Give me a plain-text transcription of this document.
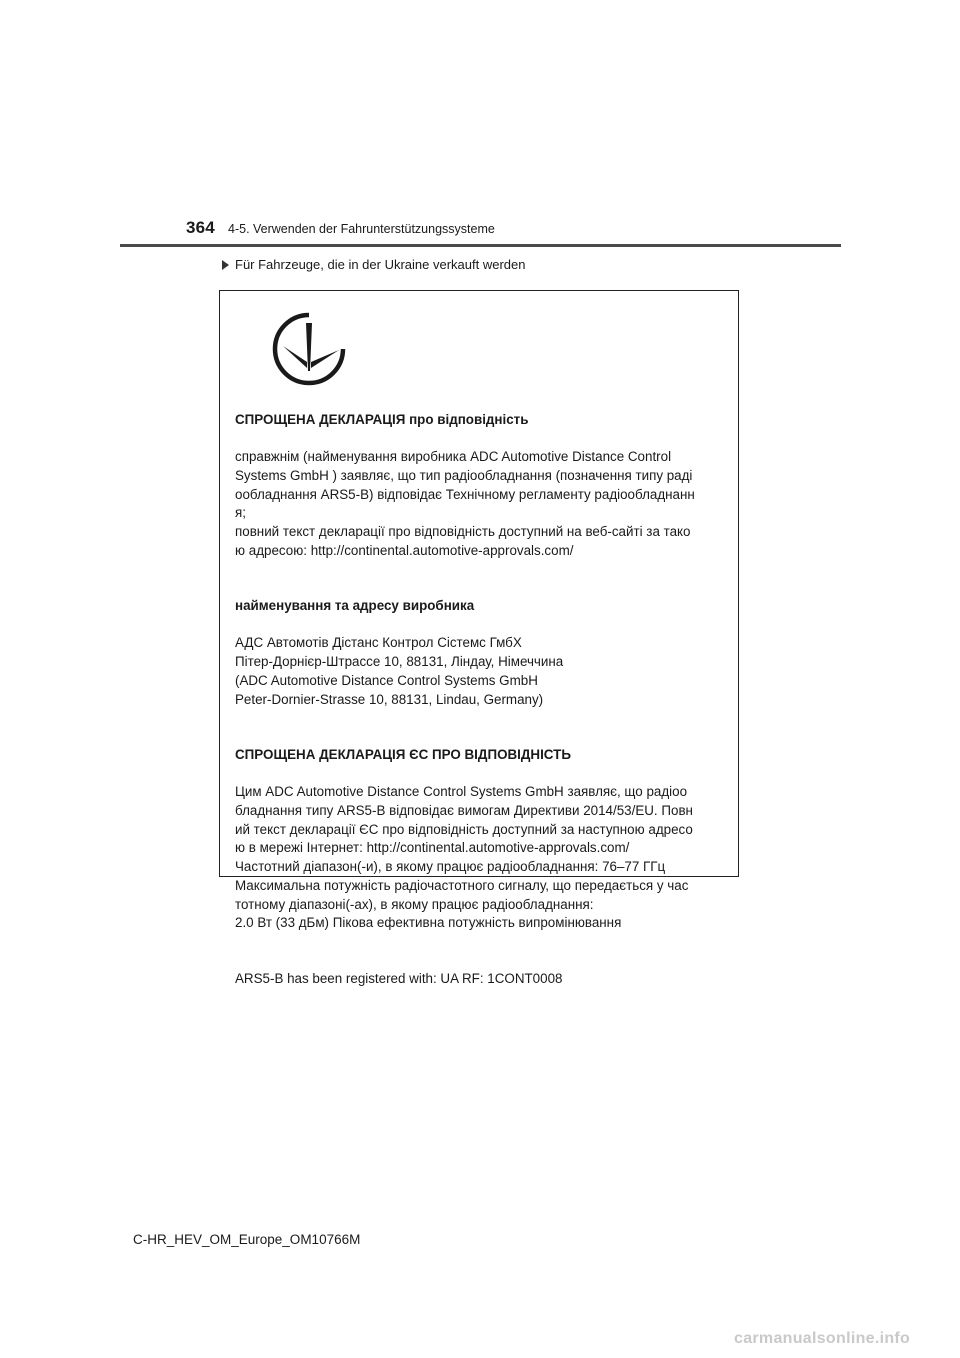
364 4-5. Verwenden der Fahrunterstützungssysteme
Für Fahrzeuge, die in der Ukraine verkauft werden

СПРОЩЕНА ДЕКЛАРАЦІЯ про відповідність

справжнім (найменування виробника ADC Automotive Distance Control
Systems GmbH ) заявляє, що тип радіообладнання (позначення типу раді
ообладнання ARS5-B) відповідає Технічному регламенту радіообладнанн
я;
повний текст декларації про відповідність доступний на веб-сайті за тако
ю адресою: http://continental.automotive-approvals.com/

найменування та адресу виробника

АДС Автомотів Дістанс Контрол Сістемс ГмбХ
Пітер-Дорнієр-Штрассе 10, 88131, Ліндау, Німеччина
(ADC Automotive Distance Control Systems GmbH
Peter-Dornier-Strasse 10, 88131, Lindau, Germany)

СПРОЩЕНА ДЕКЛАРАЦІЯ ЄС ПРО ВІДПОВІДНІСТЬ

Цим ADC Automotive Distance Control Systems GmbH заявляє, що радіоо
бладнання типу ARS5-B відповідає вимогам Директиви 2014/53/EU. Повн
ий текст декларації ЄС про відповідність доступний за наступною адресо
ю в мережі Інтернет: http://continental.automotive-approvals.com/
Частотний діапазон(-и), в якому працює радіообладнання: 76–77 ГГц
Максимальна потужність радіочастотного сигналу, що передається у час
тотному діапазоні(-ах), в якому працює радіообладнання:
2.0 Вт (33 дБм) Пікова ефективна потужність випромінювання

ARS5-B has been registered with: UA RF: 1CONT0008

C-HR_HEV_OM_Europe_OM10766M
carmanualsonline.info
